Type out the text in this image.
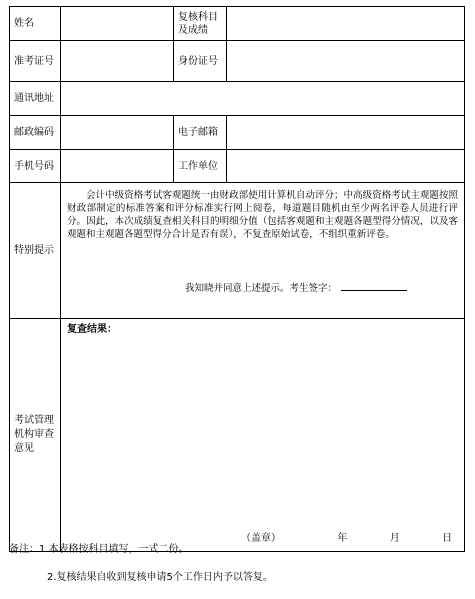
姓名		复核科目及成绩	
准考证号		身份证号	
通讯地址			
邮政编码		电子邮箱	
手机号码		工作单位	
特别提示	会计中级资格考试客观题统一由财政部使用计算机自动评分；中高级资格考试主观题按照财政部制定的标准答案和评分标准实行网上阅卷，每道题目随机由至少两名评卷人员进行评分。因此，本次成绩复查相关科目的明细分值（包括客观题和主观题各题型得分情况，以及客观题和主观题各题型得分合计是否有误），不复查原始试卷，不组织重新评卷。

我知晓并同意上述提示。考生签字：		

考试管理机构审查意见	复查结果：
（盖章） 年 月 日		
备注：1.本表格按科目填写，一式二份。
2.复核结果自收到复核申请5个工作日内予以答复。
